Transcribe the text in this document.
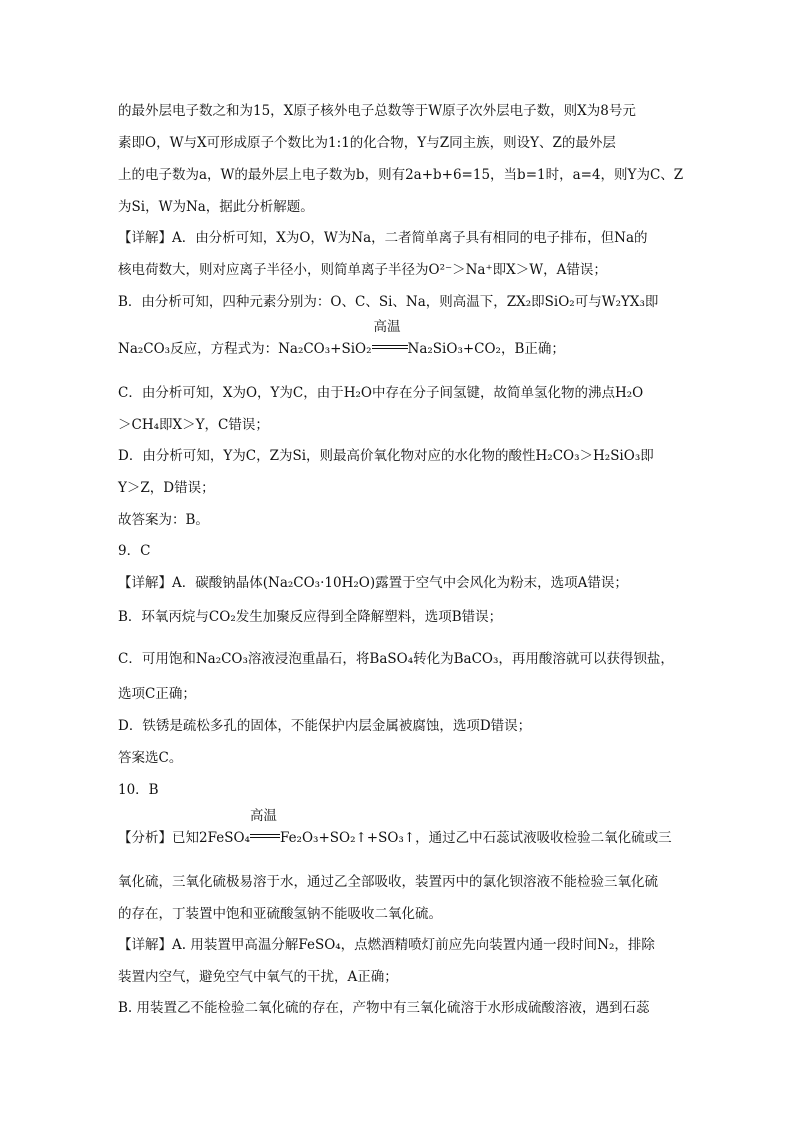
的最外层电子数之和为15，X原子核外电子总数等于W原子次外层电子数，则X为8号元
素即O，W与X可形成原子个数比为1:1的化合物，Y与Z同主族，则设Y、Z的最外层
上的电子数为a，W的最外层上电子数为b，则有2a+b+6=15，当b=1时，a=4，则Y为C、Z
为Si，W为Na，据此分析解题。
【详解】A．由分析可知，X为O，W为Na，二者简单离子具有相同的电子排布，但Na的
核电荷数大，则对应离子半径小，则简单离子半径为O²⁻＞Na⁺即X＞W，A错误；
B．由分析可知，四种元素分别为：O、C、Si、Na，则高温下，ZX₂即SiO₂可与W₂YX₃即
Na₂CO₃反应，方程式为：Na₂CO₃+SiO₂
高温
Na₂SiO₃+CO₂，B正确；
C．由分析可知，X为O，Y为C，由于H₂O中存在分子间氢键，故简单氢化物的沸点H₂O
＞CH₄即X＞Y，C错误；
D．由分析可知，Y为C，Z为Si，则最高价氧化物对应的水化物的酸性H₂CO₃＞H₂SiO₃即
Y＞Z，D错误；
故答案为：B。
9．C
【详解】A．碳酸钠晶体(Na₂CO₃·10H₂O)露置于空气中会风化为粉末，选项A错误；
B．环氧丙烷与CO₂发生加聚反应得到全降解塑料，选项B错误；
C．可用饱和Na₂CO₃溶液浸泡重晶石，将BaSO₄转化为BaCO₃，再用酸溶就可以获得钡盐，
选项C正确；
D．铁锈是疏松多孔的固体，不能保护内层金属被腐蚀，选项D错误；
答案选C。
10．B
【分析】已知2FeSO₄
高温
Fe₂O₃+SO₂↑+SO₃↑，通过乙中石蕊试液吸收检验二氧化硫或三
氧化硫，三氧化硫极易溶于水，通过乙全部吸收，装置丙中的氯化钡溶液不能检验三氧化硫
的存在，丁装置中饱和亚硫酸氢钠不能吸收二氧化硫。
【详解】A. 用装置甲高温分解FeSO₄，点燃酒精喷灯前应先向装置内通一段时间N₂，排除
装置内空气，避免空气中氧气的干扰，A正确；
B. 用装置乙不能检验二氧化硫的存在，产物中有三氧化硫溶于水形成硫酸溶液，遇到石蕊
